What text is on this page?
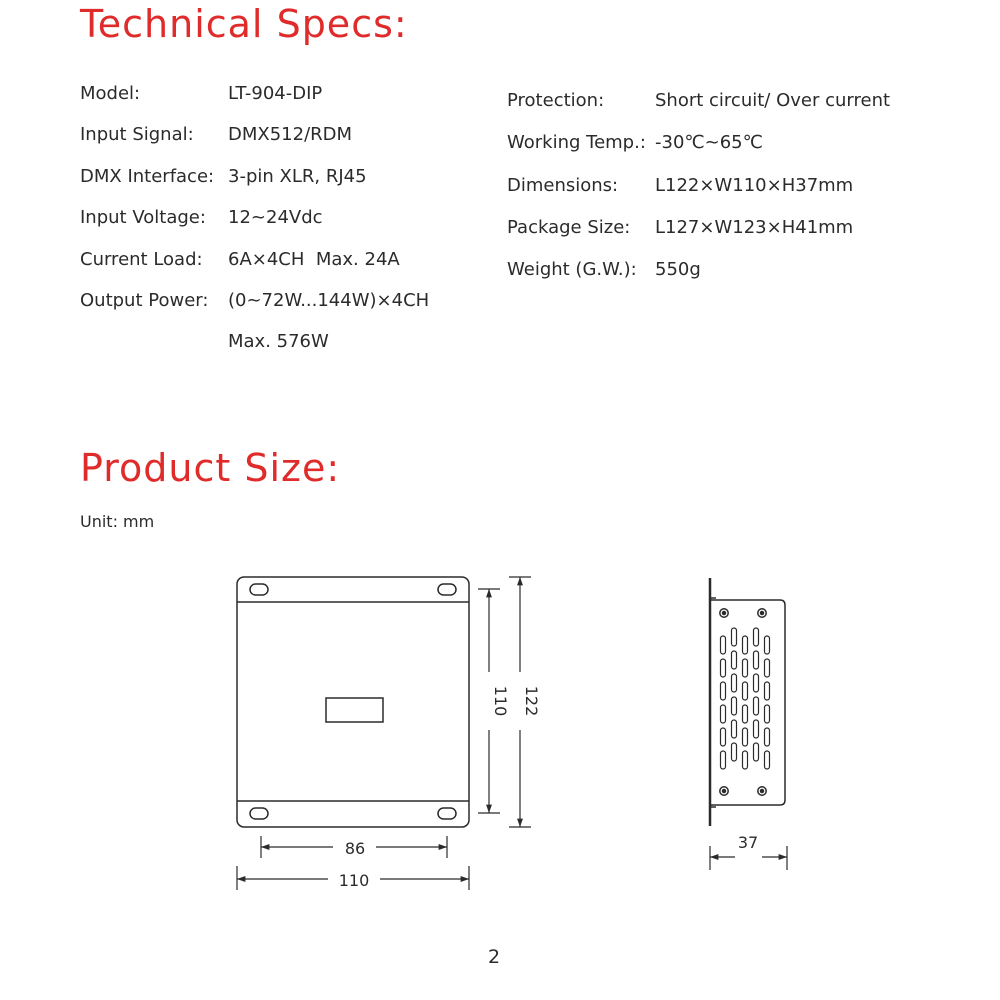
Technical Specs:
Model:	LT-904-DIP
Input Signal: DMX512/RDM
DMX Interface: 3-pin XLR, RJ45
Input Voltage: 12~24Vdc
Current Load: 6A×4CH  Max. 24A
Output Power: (0~72W...144W)×4CH
Max. 576W
Protection:	Short circuit/ Over current
Working Temp.: -30℃~65℃
Dimensions: L122×W110×H37mm
Package Size: L127×W123×H41mm
Weight (G.W.): 550g
Product Size:
Unit: mm
86
110
110 122
37
2
